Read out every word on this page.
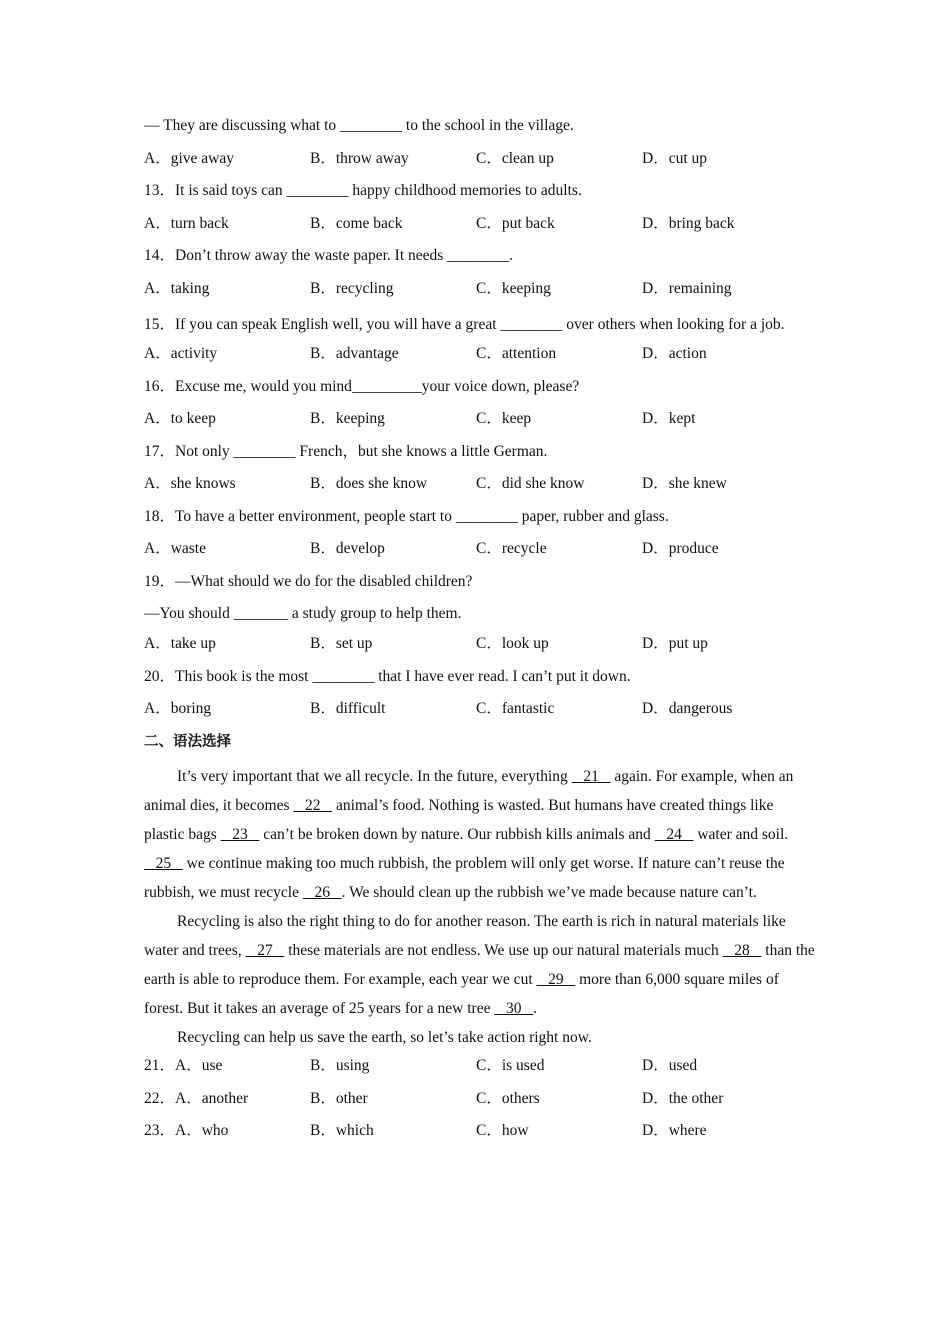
— They are discussing what to ________ to the school in the village.
A．give away	B．throw away	C．clean up	D．cut up
13．It is said toys can ________ happy childhood memories to adults.
A．turn back	B．come back	C．put back	D．bring back
14．Don’t throw away the waste paper. It needs ________.
A．taking	B．recycling	C．keeping	D．remaining
15．If you can speak English well, you will have a great ________ over others when looking for a job.
A．activity	B．advantage	C．attention	D．action
16．Excuse me, would you mind_________your voice down, please?
A．to keep	B．keeping	C．keep	D．kept
17．Not only ________ French，but she knows a little German.
A．she knows	B．does she know	C．did she know	D．she knew
18．To have a better environment, people start to ________ paper, rubber and glass.
A．waste	B．develop	C．recycle	D．produce
19．—What should we do for the disabled children?
—You should _______ a study group to help them.
A．take up	B．set up	C．look up	D．put up
20．This book is the most ________ that I have ever read. I can’t put it down.
A．boring	B．difficult	C．fantastic	D．dangerous
二、语法选择
It’s very important that we all recycle. In the future, everything    21    again. For example, when an animal dies, it becomes    22    animal’s food. Nothing is wasted. But humans have created things like plastic bags    23    can’t be broken down by nature. Our rubbish kills animals and    24    water and soil.    25    we continue making too much rubbish, the problem will only get worse. If nature can’t reuse the rubbish, we must recycle    26   . We should clean up the rubbish we’ve made because nature can’t.
Recycling is also the right thing to do for another reason. The earth is rich in natural materials like water and trees,    27    these materials are not endless. We use up our natural materials much    28    than the earth is able to reproduce them. For example, each year we cut    29    more than 6,000 square miles of forest. But it takes an average of 25 years for a new tree    30   .
Recycling can help us save the earth, so let’s take action right now.
21．A．use	B．using	C．is used	D．used
22．A．another	B．other	C．others	D．the other
23．A．who	B．which	C．how	D．where
